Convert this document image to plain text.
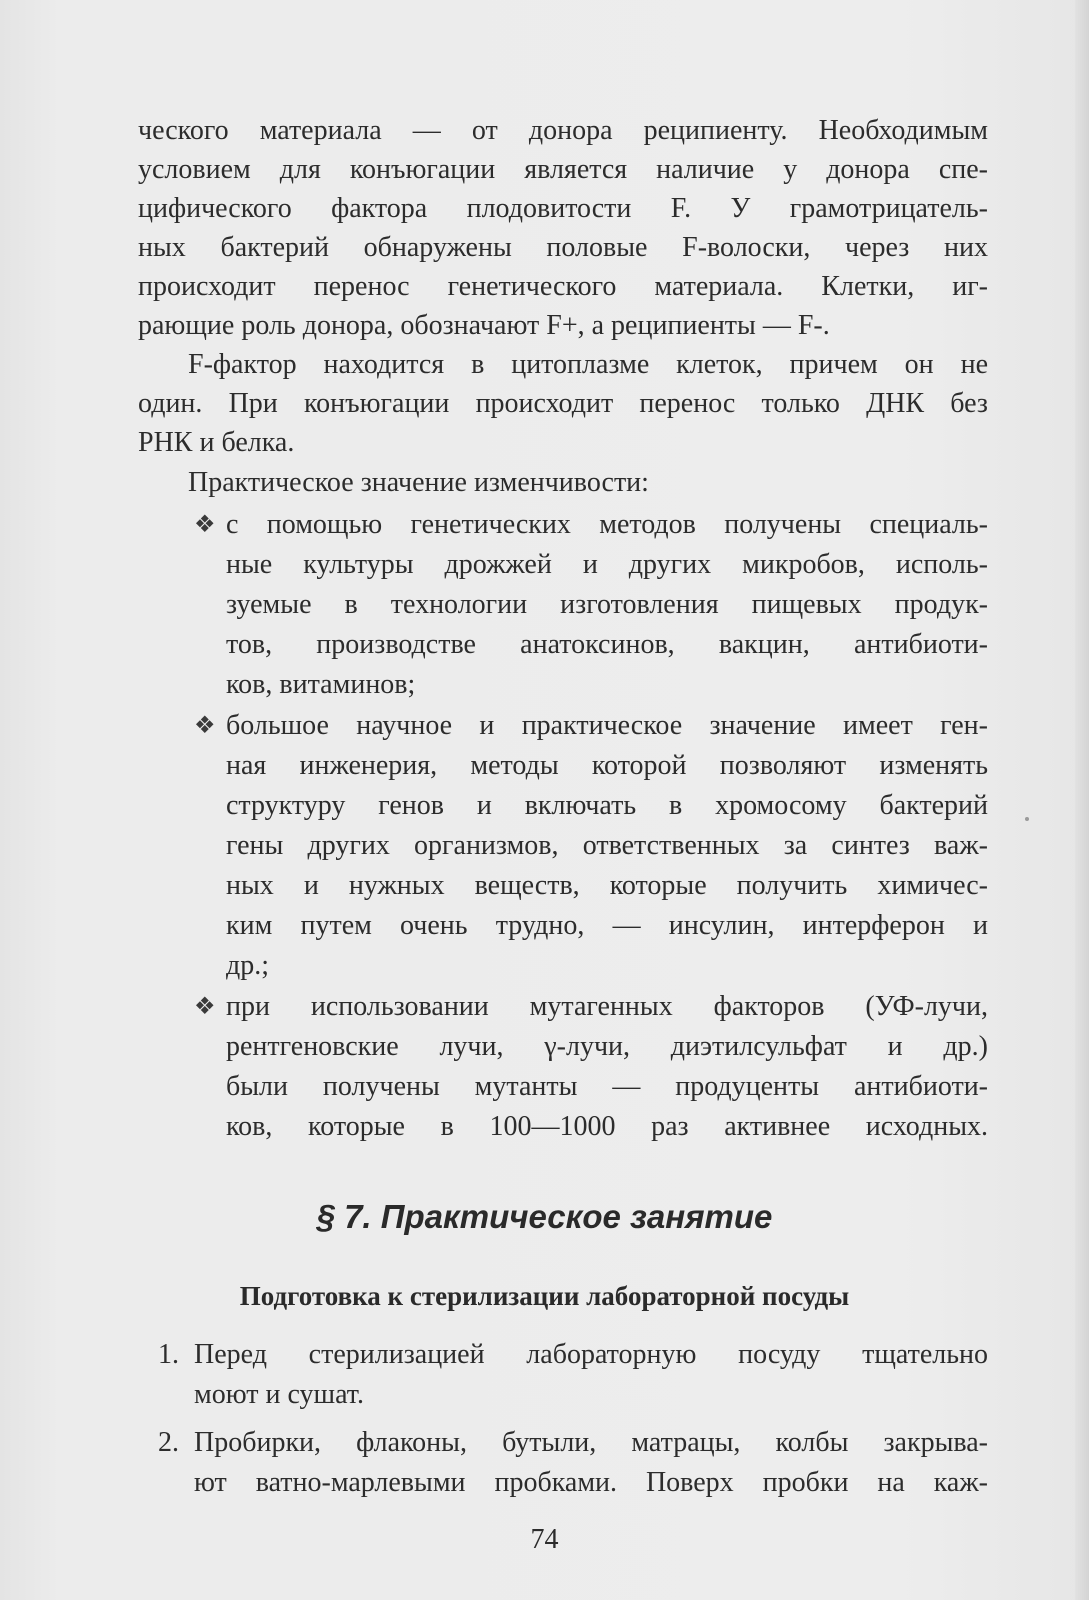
ческого материала — от донора реципиенту. Необходимым

условием для конъюгации является наличие у донора спе-

цифического фактора плодовитости F. У грамотрицатель-

ных бактерий обнаружены половые F-волоски, через них

происходит перенос генетического материала. Клетки, иг-

рающие роль донора, обозначают F+, а реципиенты — F-.

F-фактор находится в цитоплазме клеток, причем он не

один. При конъюгации происходит перенос только ДНК без

РНК и белка.

Практическое значение изменчивости:

❖ с помощью генетических методов получены специаль-

ные культуры дрожжей и других микробов, исполь-

зуемые в технологии изготовления пищевых продук-

тов, производстве анатоксинов, вакцин, антибиоти-

ков, витаминов;

❖ большое научное и практическое значение имеет ген-

ная инженерия, методы которой позволяют изменять

структуру генов и включать в хромосому бактерий

гены других организмов, ответственных за синтез важ-

ных и нужных веществ, которые получить химичес-

ким путем очень трудно, — инсулин, интерферон и

др.;

❖ при использовании мутагенных факторов (УФ-лучи,

рентгеновские лучи, γ-лучи, диэтилсульфат и др.)

были получены мутанты — продуценты антибиоти-

ков, которые в 100—1000 раз активнее исходных.

§ 7. Практическое занятие
Подготовка к стерилизации лабораторной посуды
1. Перед стерилизацией лабораторную посуду тщательно

моют и сушат.

2. Пробирки, флаконы, бутыли, матрацы, колбы закрыва-

ют ватно-марлевыми пробками. Поверх пробки на каж-

74
